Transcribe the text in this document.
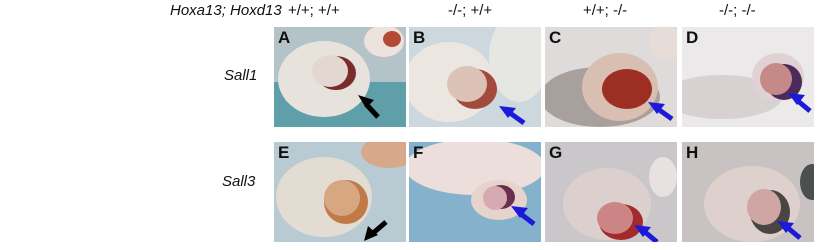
Hoxa13; Hoxd13 +/+; +/+	-/-; +/+	+/+; -/-	-/-; -/-
Sall1
Sall3
A	B	C	D
E	F	G	H
